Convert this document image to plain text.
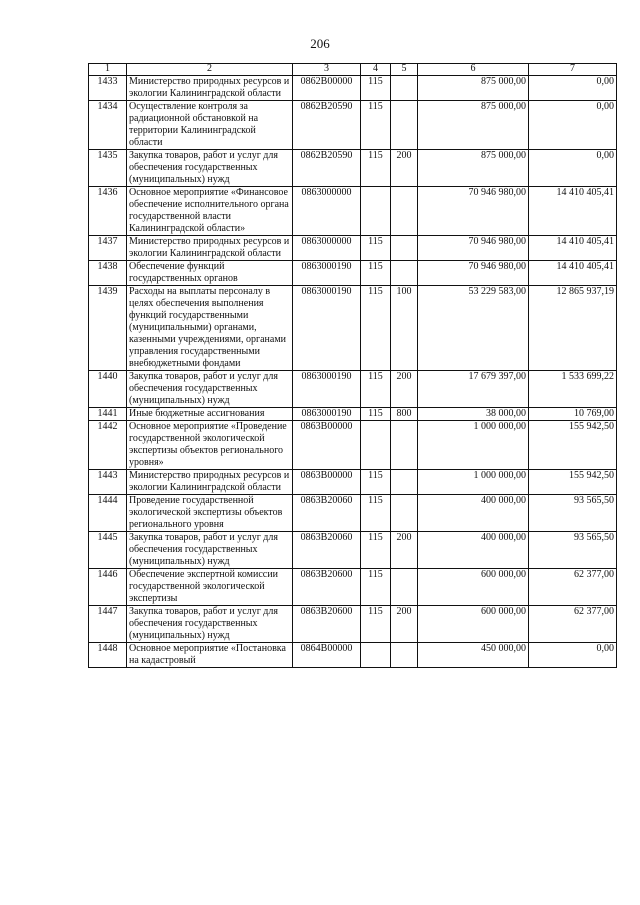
206
1	2	3	4	5	6	7
1433	Министерство природных ресурсов и экологии Калининградской области	0862В00000	115		875 000,00	0,00
1434	Осуществление контроля за радиационной обстановкой на территории Калининградской области	0862В20590	115		875 000,00	0,00
1435	Закупка товаров, работ и услуг для обеспечения государственных (муниципальных) нужд	0862В20590	115	200	875 000,00	0,00
1436	Основное мероприятие «Финансовое обеспечение исполнительного органа государственной власти Калининградской области»	0863000000			70 946 980,00	14 410 405,41
1437	Министерство природных ресурсов и экологии Калининградской области	0863000000	115		70 946 980,00	14 410 405,41
1438	Обеспечение функций государственных органов	0863000190	115		70 946 980,00	14 410 405,41
1439	Расходы на выплаты персоналу в целях обеспечения выполнения функций государственными (муниципальными) органами, казенными учреждениями, органами управления государственными внебюджетными фондами	0863000190	115	100	53 229 583,00	12 865 937,19
1440	Закупка товаров, работ и услуг для обеспечения государственных (муниципальных) нужд	0863000190	115	200	17 679 397,00	1 533 699,22
1441	Иные бюджетные ассигнования	0863000190	115	800	38 000,00	10 769,00
1442	Основное мероприятие «Проведение государственной экологической экспертизы объектов регионального уровня»	0863В00000			1 000 000,00	155 942,50
1443	Министерство природных ресурсов и экологии Калининградской области	0863В00000	115		1 000 000,00	155 942,50
1444	Проведение государственной экологической экспертизы объектов регионального уровня	0863В20060	115		400 000,00	93 565,50
1445	Закупка товаров, работ и услуг для обеспечения государственных (муниципальных) нужд	0863В20060	115	200	400 000,00	93 565,50
1446	Обеспечение экспертной комиссии государственной экологической экспертизы	0863В20600	115		600 000,00	62 377,00
1447	Закупка товаров, работ и услуг для обеспечения государственных (муниципальных) нужд	0863В20600	115	200	600 000,00	62 377,00
1448	Основное мероприятие «Постановка на кадастровый	0864В00000			450 000,00	0,00
